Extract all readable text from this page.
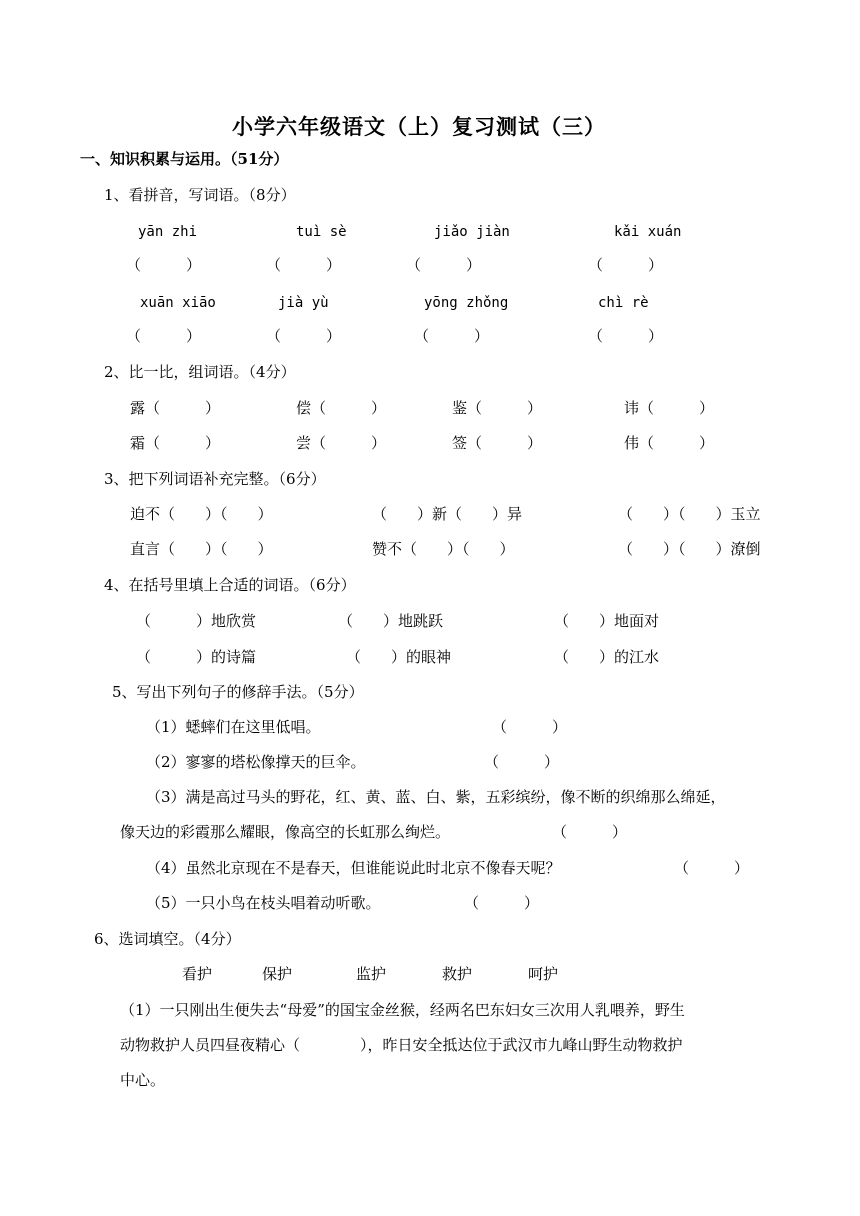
小学六年级语文（上）复习测试（三）
一、知识积累与运用。（51分）
1、看拼音，写词语。（8分）
yān zhi	tuì sè	jiǎo jiàn	kǎi xuán
（　　　）	（　　　）	（　　　）	（　　　）
xuān xiāo	jià yù	yōng zhǒng	chì rè
（　　　）	（　　　）	（　　　）	（　　　）
2、比一比，组词语。（4分）
露（　　　）	偿（　　　）	鉴（　　　）	讳（　　　）
霜（　　　）	尝（　　　）	签（　　　）	伟（　　　）
3、把下列词语补充完整。（6分）
迫不（　　）（　　）	（　　）新（　　）异	（　　）（　　）玉立
直言（　　）（　　）	赞不（　　）（　　）	（　　）（　　）潦倒
4、在括号里填上合适的词语。（6分）
（　　　）地欣赏	（　　）地跳跃	（　　）地面对
（　　　）的诗篇	（　　）的眼神	（　　）的江水
5、写出下列句子的修辞手法。（5分）
（1）蟋蟀们在这里低唱。	（　　　）
（2）寥寥的塔松像撑天的巨伞。	（　　　）
（3）满是高过马头的野花，红、黄、蓝、白、紫，五彩缤纷，像不断的织绵那么绵延，
像天边的彩霞那么耀眼，像高空的长虹那么绚烂。	（　　　）
（4）虽然北京现在不是春天，但谁能说此时北京不像春天呢？	（　　　）
（5）一只小鸟在枝头唱着动听歌。	（　　　）
6、选词填空。（4分）
看护	保护	监护	救护	呵护
（1）一只刚出生便失去“母爱”的国宝金丝猴，经两名巴东妇女三次用人乳喂养，野生
动物救护人员四昼夜精心（　　　　），昨日安全抵达位于武汉市九峰山野生动物救护
中心。
